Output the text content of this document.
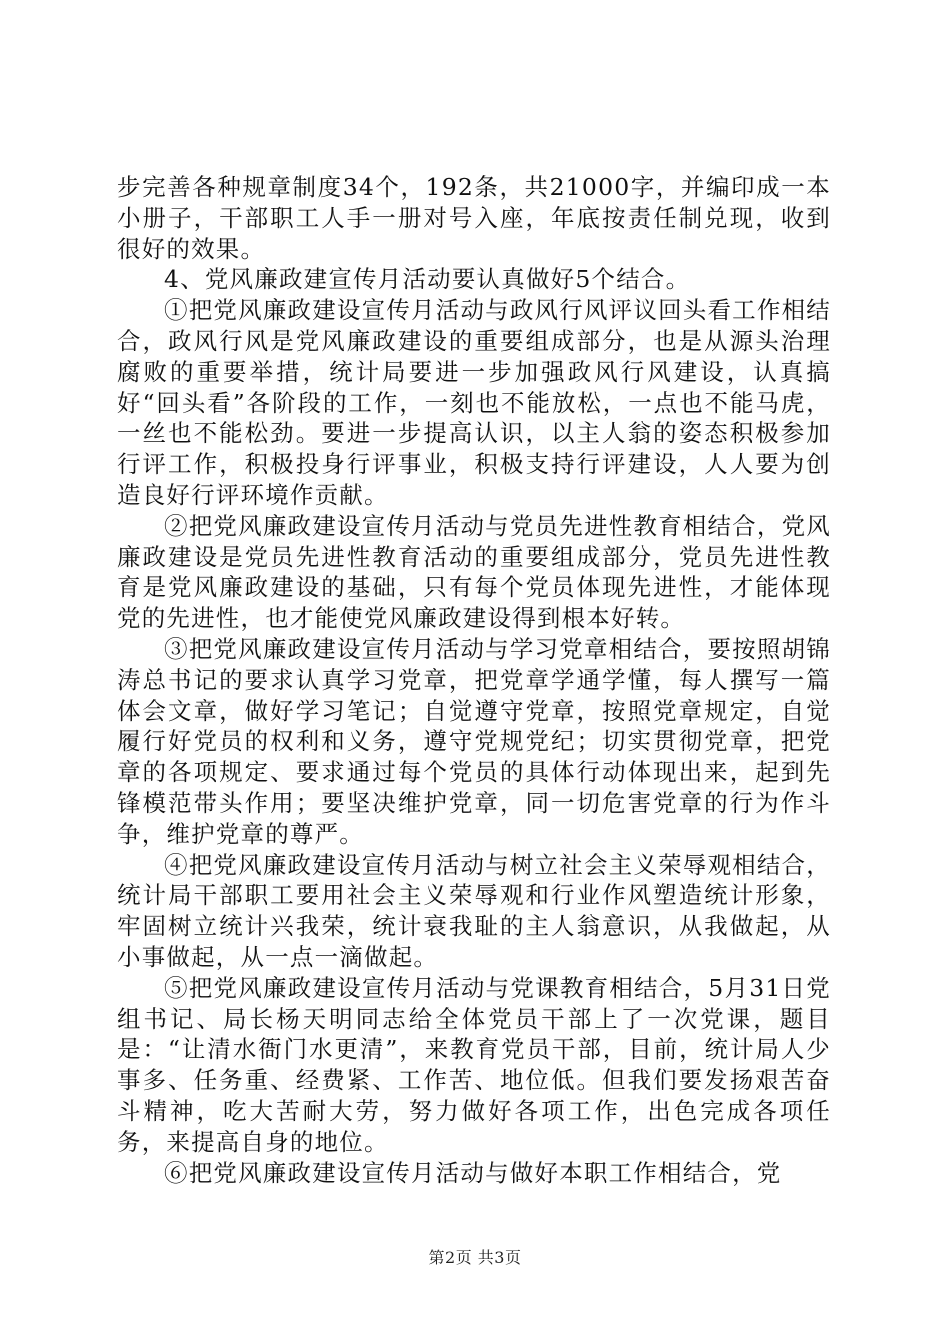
步完善各种规章制度34个，192条，共21000字，并编印成一本小册子，干部职工人手一册对号入座，年底按责任制兑现，收到很好的效果。

4、党风廉政建宣传月活动要认真做好5个结合。

①把党风廉政建设宣传月活动与政风行风评议回头看工作相结合，政风行风是党风廉政建设的重要组成部分，也是从源头治理腐败的重要举措，统计局要进一步加强政风行风建设，认真搞好“回头看”各阶段的工作，一刻也不能放松，一点也不能马虎，一丝也不能松劲。要进一步提高认识，以主人翁的姿态积极参加行评工作，积极投身行评事业，积极支持行评建设，人人要为创造良好行评环境作贡献。

②把党风廉政建设宣传月活动与党员先进性教育相结合，党风廉政建设是党员先进性教育活动的重要组成部分，党员先进性教育是党风廉政建设的基础，只有每个党员体现先进性，才能体现党的先进性，也才能使党风廉政建设得到根本好转。

③把党风廉政建设宣传月活动与学习党章相结合，要按照胡锦涛总书记的要求认真学习党章，把党章学通学懂，每人撰写一篇体会文章，做好学习笔记；自觉遵守党章，按照党章规定，自觉履行好党员的权利和义务，遵守党规党纪；切实贯彻党章，把党章的各项规定、要求通过每个党员的具体行动体现出来，起到先锋模范带头作用；要坚决维护党章，同一切危害党章的行为作斗争，维护党章的尊严。

④把党风廉政建设宣传月活动与树立社会主义荣辱观相结合，统计局干部职工要用社会主义荣辱观和行业作风塑造统计形象，牢固树立统计兴我荣，统计衰我耻的主人翁意识，从我做起，从小事做起，从一点一滴做起。

⑤把党风廉政建设宣传月活动与党课教育相结合，5月31日党组书记、局长杨天明同志给全体党员干部上了一次党课，题目是：“让清水衙门水更清”，来教育党员干部，目前，统计局人少事多、任务重、经费紧、工作苦、地位低。但我们要发扬艰苦奋斗精神，吃大苦耐大劳，努力做好各项工作，出色完成各项任务，来提高自身的地位。

⑥把党风廉政建设宣传月活动与做好本职工作相结合，党

第2页 共3页
